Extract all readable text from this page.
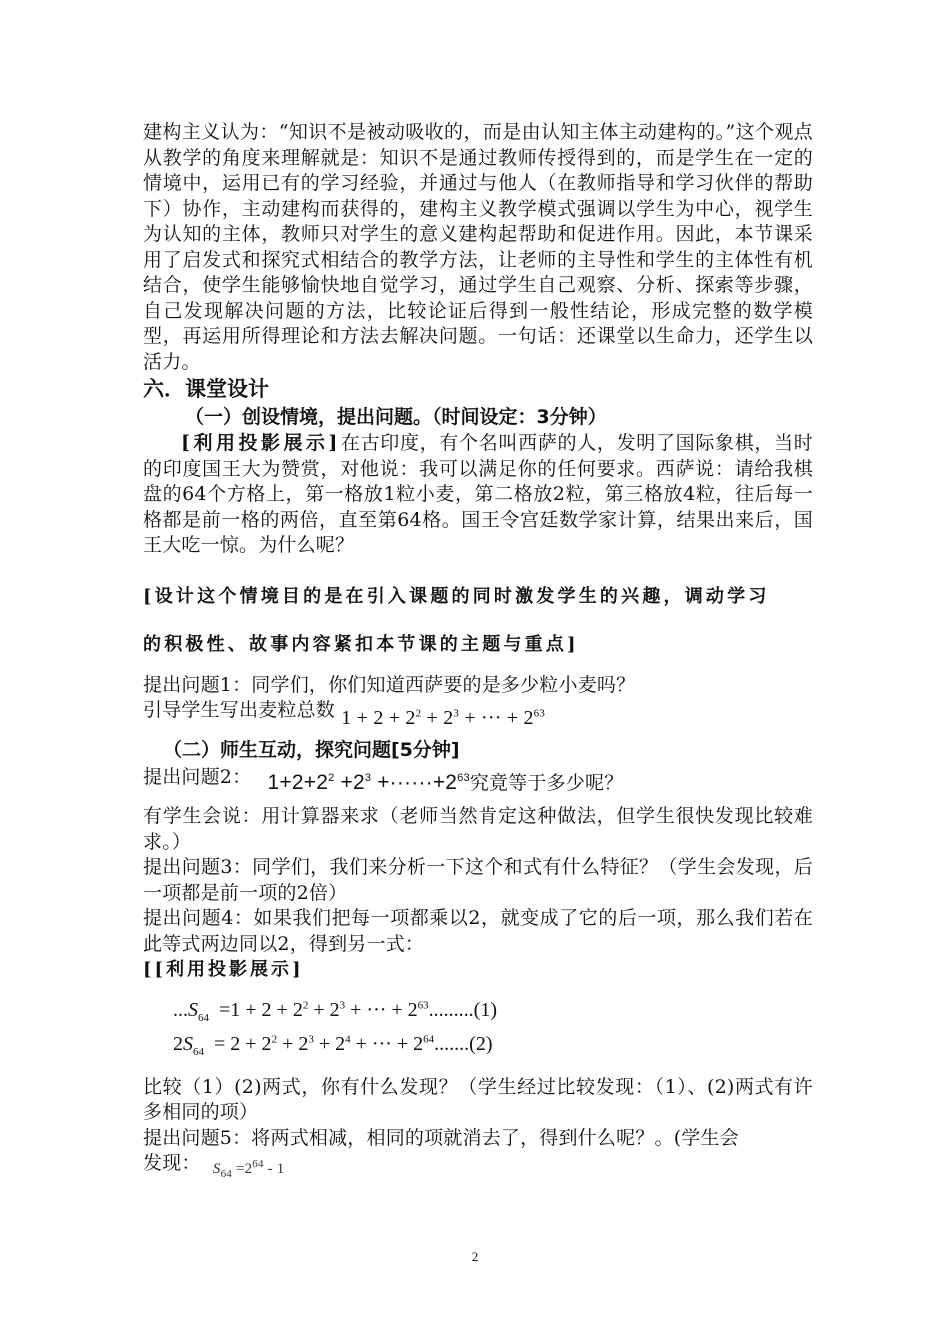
建构主义认为：“知识不是被动吸收的，而是由认知主体主动建构的。”这个观点从教学的角度来理解就是：知识不是通过教师传授得到的，而是学生在一定的情境中，运用已有的学习经验，并通过与他人（在教师指导和学习伙伴的帮助下）协作，主动建构而获得的，建构主义教学模式强调以学生为中心，视学生为认知的主体，教师只对学生的意义建构起帮助和促进作用。因此，本节课采用了启发式和探究式相结合的教学方法，让老师的主导性和学生的主体性有机结合，使学生能够愉快地自觉学习，通过学生自己观察、分析、探索等步骤，自己发现解决问题的方法，比较论证后得到一般性结论，形成完整的数学模型，再运用所得理论和方法去解决问题。一句话：还课堂以生命力，还学生以活力。

六．课堂设计

（一）创设情境，提出问题。（时间设定：3分钟）

[利用投影展示]在古印度，有个名叫西萨的人，发明了国际象棋，当时的印度国王大为赞赏，对他说：我可以满足你的任何要求。西萨说：请给我棋盘的64个方格上，第一格放1粒小麦，第二格放2粒，第三格放4粒，往后每一格都是前一格的两倍，直至第64格。国王令宫廷数学家计算，结果出来后，国王大吃一惊。为什么呢？

[设计这个情境目的是在引入课题的同时激发学生的兴趣，调动学习

的积极性、故事内容紧扣本节课的主题与重点]

提出问题1：同学们，你们知道西萨要的是多少粒小麦吗？

引导学生写出麦粒总数 $1 + 2 + 2^2 + 2^3$ + ··· + $2^{63}$

（二）师生互动，探究问题[5分钟]

提出问题2： $1+2+2^2 +2^3 +\cdot\cdot\cdot\cdot\cdot\cdot+2^{63}$究竟等于多少呢？

有学生会说：用计算器来求（老师当然肯定这种做法，但学生很快发现比较难求。）

提出问题3：同学们，我们来分析一下这个和式有什么特征？（学生会发现，后一项都是前一项的2倍）

提出问题4：如果我们把每一项都乘以2，就变成了它的后一项，那么我们若在此等式两边同以2，得到另一式：

[[利用投影展示]

$...S_{64} =1 + 2 + 2^2 + 2^3$ + ··· + $2^{63}.........(1)$

$2S_{64} = 2 + 2^2 + 2^3 + 2^4$ + ··· + $2^{64}.......(2)$

比较（1）(2)两式，你有什么发现？（学生经过比较发现：（1）、(2)两式有许多相同的项）

提出问题5：将两式相减，相同的项就消去了，得到什么呢？。(学生会

发现： $_{S_{64} =2^{64} - 1}$

2
